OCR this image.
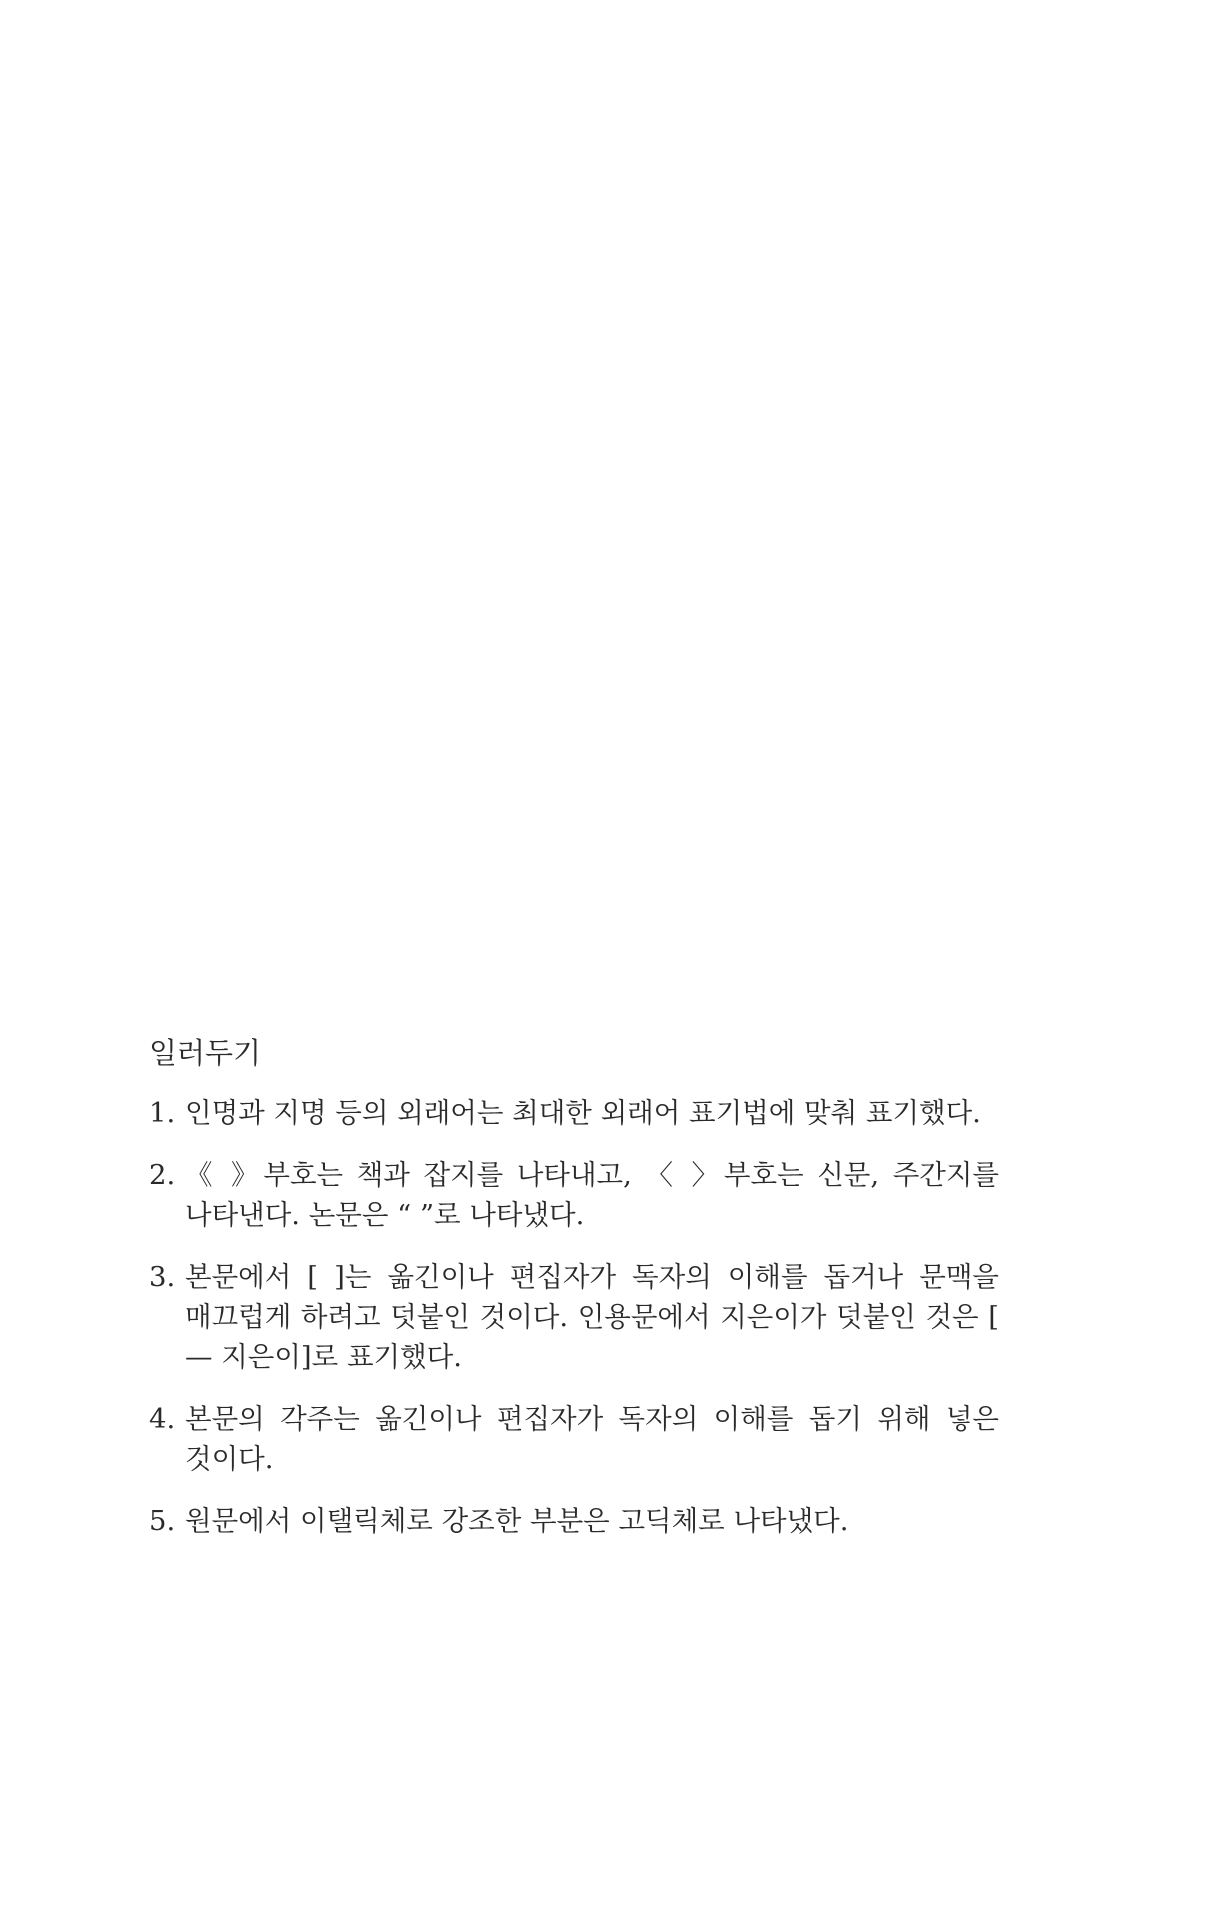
일러두기
1. 인명과 지명 등의 외래어는 최대한 외래어 표기법에 맞춰 표기했다.
2. 《 》부호는 책과 잡지를 나타내고, 〈 〉부호는 신문, 주간지를 나타낸다. 논문은 “ ”로 나타냈다.
3. 본문에서 [ ]는 옮긴이나 편집자가 독자의 이해를 돕거나 문맥을 매끄럽게 하려고 덧붙인 것이다. 인용문에서 지은이가 덧붙인 것은 [ — 지은이]로 표기했다.
4. 본문의 각주는 옮긴이나 편집자가 독자의 이해를 돕기 위해 넣은 것이다.
5. 원문에서 이탤릭체로 강조한 부분은 고딕체로 나타냈다.
